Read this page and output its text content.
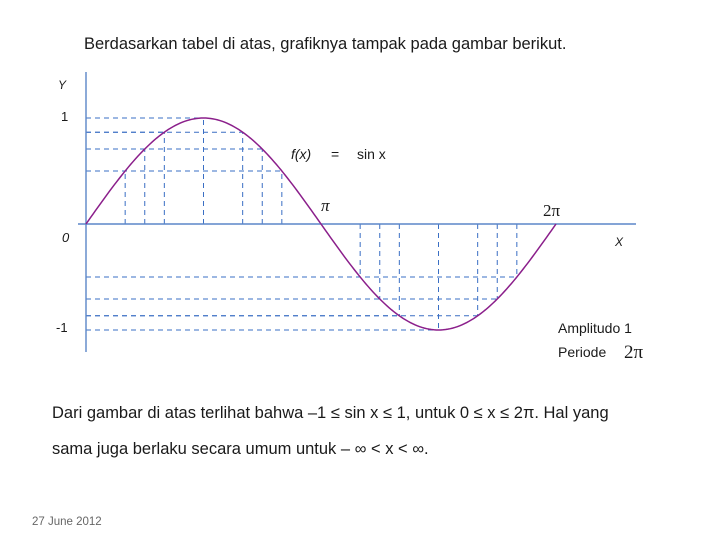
Berdasarkan tabel di atas, grafiknya tampak pada gambar berikut.
Y
1
0
-1
X
π	2π
f(x) = sin x
Amplitudo 1
Periode 2π
Dari gambar di atas terlihat bahwa –1 ≤ sin x ≤ 1, untuk 0 ≤ x ≤ 2π. Hal yang
sama juga berlaku secara umum untuk – ∞ < x < ∞.
27 June 2012
